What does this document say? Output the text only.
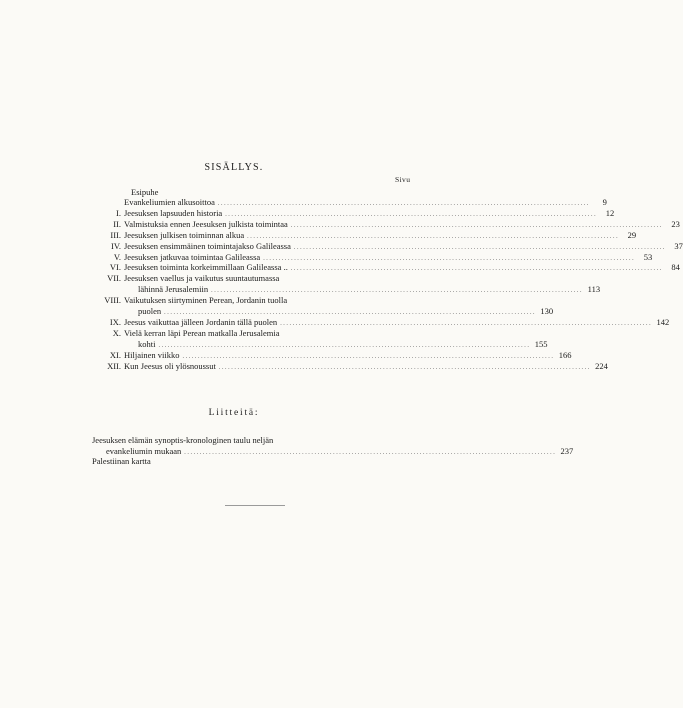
SISÄLLYS.
Sivu
Esipuhe
Evankeliumien alkusoittoa ........................................................................................................................	9
I. Jeesuksen lapsuuden historia ........................................................................................................................	12
II. Valmistuksia ennen Jeesuksen julkista toimintaa ........................................................................................................................	23
III. Jeesuksen julkisen toiminnan alkua ........................................................................................................................	29
IV. Jeesuksen ensimmäinen toimintajakso Galileassa ........................................................................................................................	37
V. Jeesuksen jatkuvaa toimintaa Galileassa ........................................................................................................................	53
VI. Jeesuksen toiminta korkeimmillaan Galileassa .. ........................................................................................................................	84
VII. Jeesuksen vaellus ja vaikutus suuntautumassa
lähinnä Jerusalemiin ........................................................................................................................ 113
VIII. Vaikutuksen siirtyminen Perean, Jordanin tuolla
puolen ........................................................................................................................ 130
IX. Jeesus vaikuttaa jälleen Jordanin tällä puolen ........................................................................................................................ 142
X. Vielä kerran läpi Perean matkalla Jerusalemia
kohti ........................................................................................................................ 155
XI. Hiljainen viikko ........................................................................................................................ 166
XII. Kun Jeesus oli ylösnoussut ........................................................................................................................ 224
Liitteitä:
Jeesuksen elämän synoptis-kronologinen taulu neljän
evankeliumin mukaan ........................................................................................................................ 237
Palestiinan kartta
